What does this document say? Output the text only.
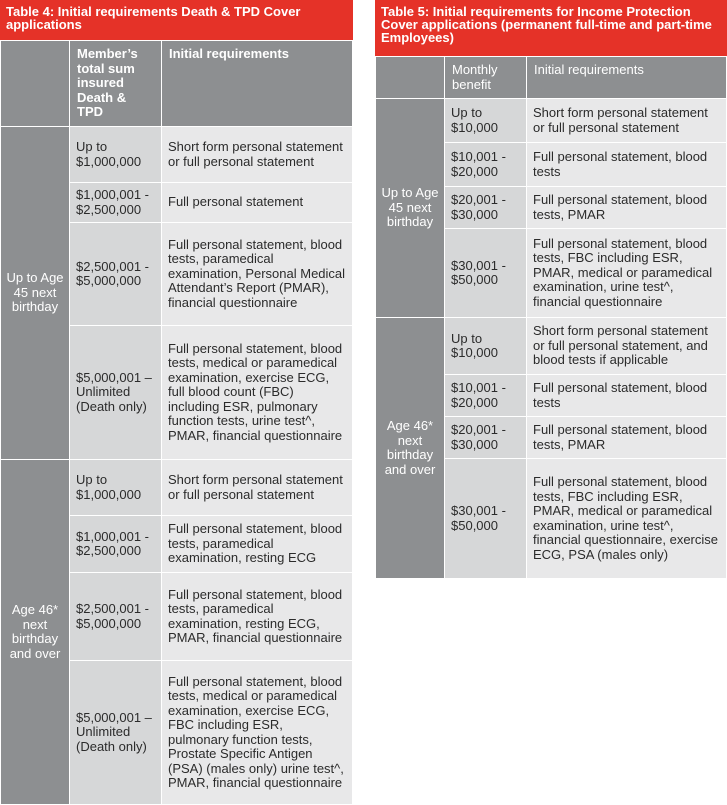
Table 4: Initial requirements Death & TPD Cover applications
	Member’s total sum insured Death & TPD	Initial requirements
Up to Age 45 next birthday	Up to $1,000,000	Short form personal statement or full personal statement
	$1,000,001 - $2,500,000	Full personal statement
	$2,500,001 - $5,000,000	Full personal statement, blood tests, paramedical examination, Personal Medical Attendant’s Report (PMAR), financial questionnaire
	$5,000,001 – Unlimited (Death only)	Full personal statement, blood tests, medical or paramedical examination, exercise ECG, full blood count (FBC) including ESR, pulmonary function tests, urine test^, PMAR, financial questionnaire
Age 46* next birthday and over	Up to $1,000,000	Short form personal statement or full personal statement
	$1,000,001 - $2,500,000	Full personal statement, blood tests, paramedical examination, resting ECG
	$2,500,001 - $5,000,000	Full personal statement, blood tests, paramedical examination, resting ECG, PMAR, financial questionnaire
	$5,000,001 – Unlimited (Death only)	Full personal statement, blood tests, medical or paramedical examination, exercise ECG, FBC including ESR, pulmonary function tests, Prostate Specific Antigen (PSA) (males only) urine test^, PMAR, financial questionnaire
Table 5: Initial requirements for Income Protection Cover applications (permanent full-time and part-time Employees)
	Monthly benefit	Initial requirements
Up to Age 45 next birthday	Up to $10,000	Short form personal statement or full personal statement
	$10,001 - $20,000	Full personal statement, blood tests
	$20,001 - $30,000	Full personal statement, blood tests, PMAR
	$30,001 - $50,000	Full personal statement, blood tests, FBC including ESR, PMAR, medical or paramedical examination, urine test^, financial questionnaire
Age 46* next birthday and over	Up to $10,000	Short form personal statement or full personal statement, and blood tests if applicable
	$10,001 - $20,000	Full personal statement, blood tests
	$20,001 - $30,000	Full personal statement, blood tests, PMAR
	$30,001 - $50,000	Full personal statement, blood tests, FBC including ESR, PMAR, medical or paramedical examination, urine test^, financial questionnaire, exercise ECG, PSA (males only)
